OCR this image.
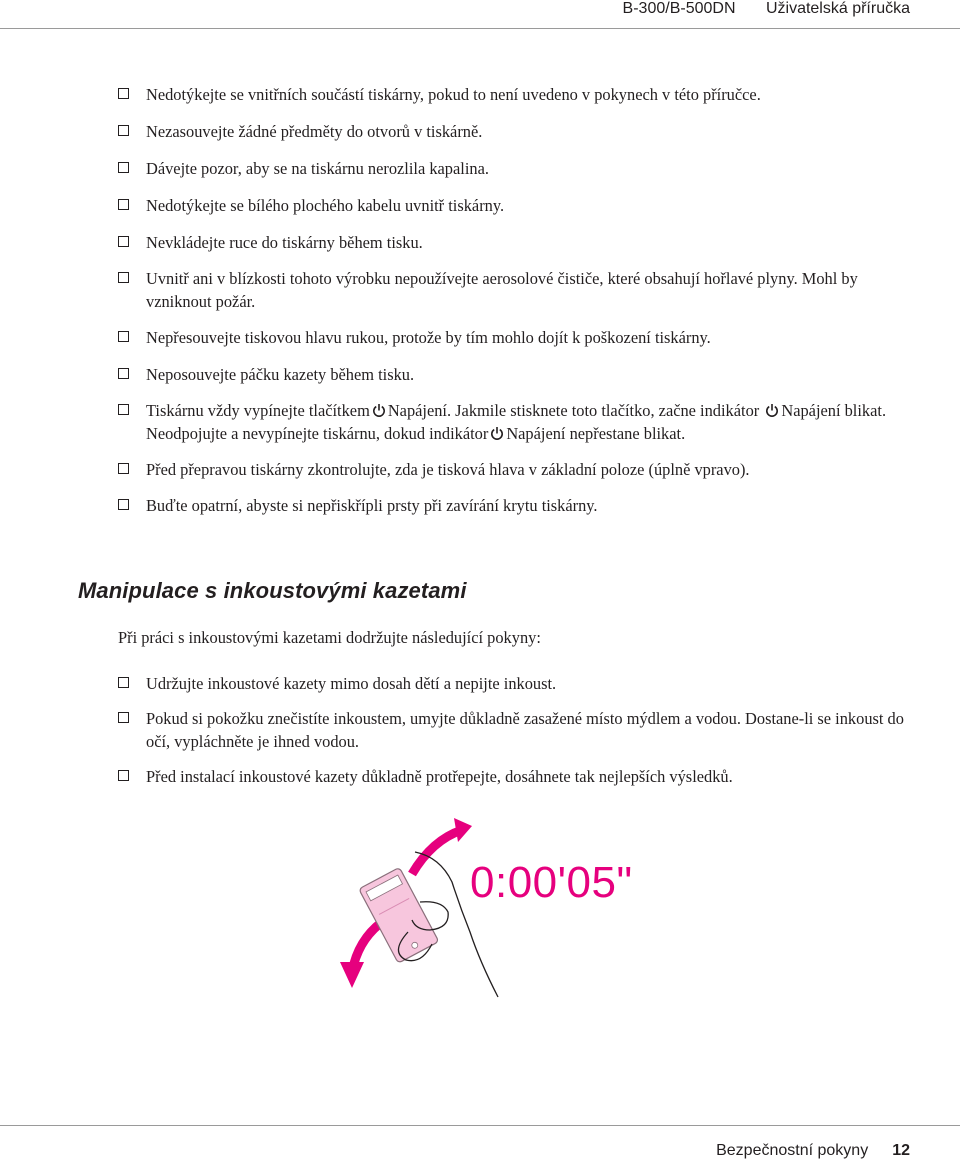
B-300/B-500DN Uživatelská příručka
Nedotýkejte se vnitřních součástí tiskárny, pokud to není uvedeno v pokynech v této příručce.
Nezasouvejte žádné předměty do otvorů v tiskárně.
Dávejte pozor, aby se na tiskárnu nerozlila kapalina.
Nedotýkejte se bílého plochého kabelu uvnitř tiskárny.
Nevkládejte ruce do tiskárny během tisku.
Uvnitř ani v blízkosti tohoto výrobku nepoužívejte aerosolové čističe, které obsahují hořlavé plyny. Mohl by vzniknout požár.
Nepřesouvejte tiskovou hlavu rukou, protože by tím mohlo dojít k poškození tiskárny.
Neposouvejte páčku kazety během tisku.
Tiskárnu vždy vypínejte tlačítkem Napájení. Jakmile stisknete toto tlačítko, začne indikátor Napájení blikat. Neodpojujte a nevypínejte tiskárnu, dokud indikátor Napájení nepřestane blikat.
Před přepravou tiskárny zkontrolujte, zda je tisková hlava v základní poloze (úplně vpravo).
Buďte opatrní, abyste si nepřiskřípli prsty při zavírání krytu tiskárny.
Manipulace s inkoustovými kazetami

Při práci s inkoustovými kazetami dodržujte následující pokyny:

Udržujte inkoustové kazety mimo dosah dětí a nepijte inkoust.
Pokud si pokožku znečistíte inkoustem, umyjte důkladně zasažené místo mýdlem a vodou. Dostane-li se inkoust do očí, vypláchněte je ihned vodou.
Před instalací inkoustové kazety důkladně protřepejte, dosáhnete tak nejlepších výsledků.
0:00'05"
Bezpečnostní pokyny 12
